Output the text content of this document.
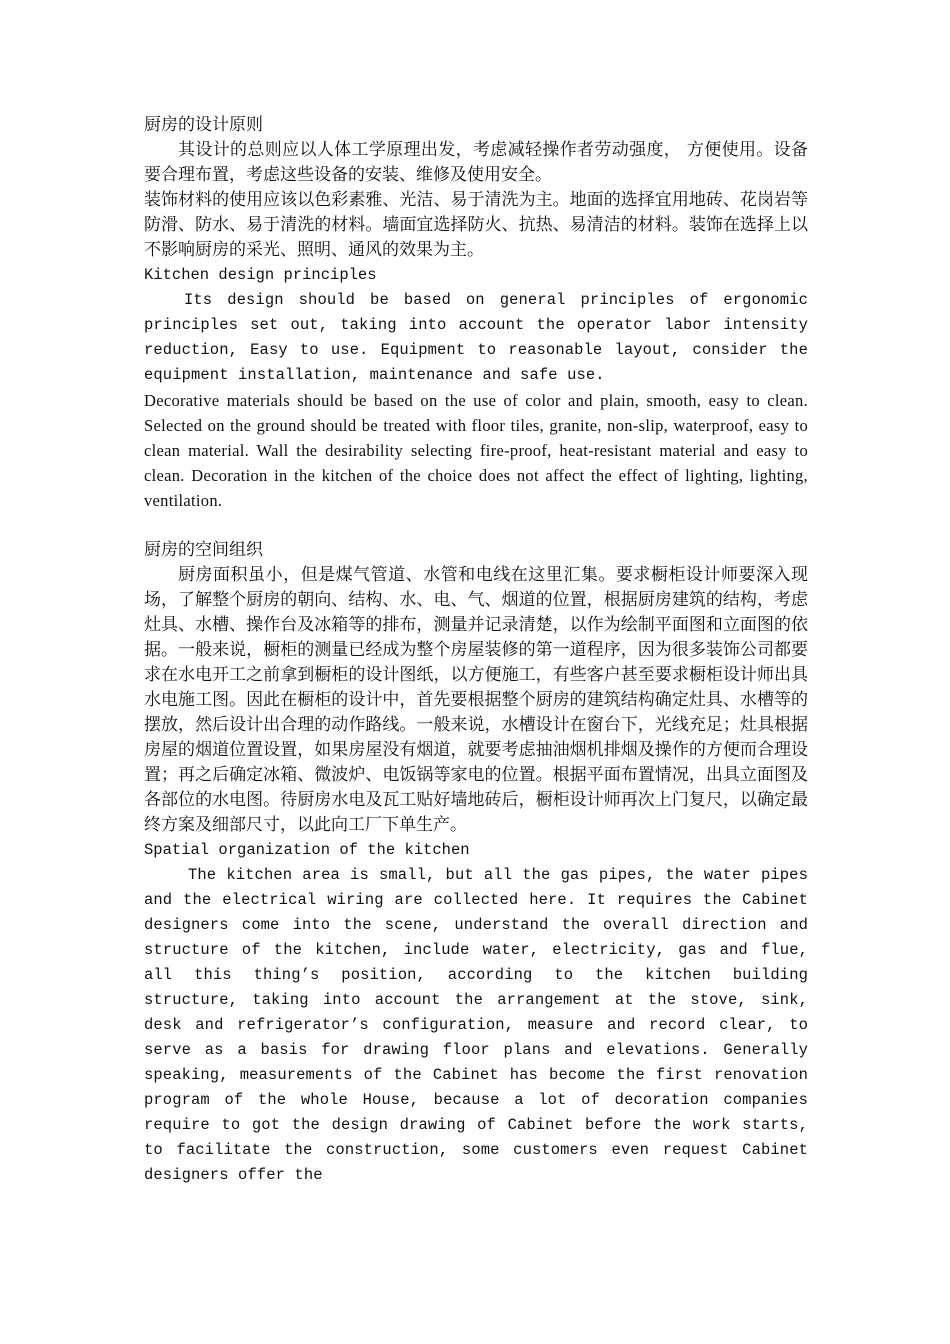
厨房的设计原则

其设计的总则应以人体工学原理出发，考虑减轻操作者劳动强度， 方便使用。设备要合理布置，考虑这些设备的安装、维修及使用安全。

装饰材料的使用应该以色彩素雅、光洁、易于清洗为主。地面的选择宜用地砖、花岗岩等防滑、防水、易于清洗的材料。墙面宜选择防火、抗热、易清洁的材料。装饰在选择上以不影响厨房的采光、照明、通风的效果为主。

Kitchen design principles

Its design should be based on general principles of ergonomic principles set out, taking into account the operator labor intensity reduction, Easy to use. Equipment to reasonable layout, consider the equipment installation, maintenance and safe use.

Decorative materials should be based on the use of color and plain, smooth, easy to clean. Selected on the ground should be treated with floor tiles, granite, non-slip, waterproof, easy to clean material. Wall the desirability selecting fire-proof, heat-resistant material and easy to clean. Decoration in the kitchen of the choice does not affect the effect of lighting, lighting, ventilation.

厨房的空间组织

厨房面积虽小，但是煤气管道、水管和电线在这里汇集。要求橱柜设计师要深入现场，了解整个厨房的朝向、结构、水、电、气、烟道的位置，根据厨房建筑的结构，考虑灶具、水槽、操作台及冰箱等的排布，测量并记录清楚，以作为绘制平面图和立面图的依据。一般来说，橱柜的测量已经成为整个房屋装修的第一道程序，因为很多装饰公司都要求在水电开工之前拿到橱柜的设计图纸，以方便施工，有些客户甚至要求橱柜设计师出具水电施工图。因此在橱柜的设计中，首先要根据整个厨房的建筑结构确定灶具、水槽等的摆放，然后设计出合理的动作路线。一般来说，水槽设计在窗台下，光线充足；灶具根据房屋的烟道位置设置，如果房屋没有烟道，就要考虑抽油烟机排烟及操作的方便而合理设置；再之后确定冰箱、微波炉、电饭锅等家电的位置。根据平面布置情况，出具立面图及各部位的水电图。待厨房水电及瓦工贴好墙地砖后，橱柜设计师再次上门复尺，以确定最终方案及细部尺寸，以此向工厂下单生产。

Spatial organization of the kitchen

The kitchen area is small, but all the gas pipes, the water pipes and the electrical wiring are collected here. It requires the Cabinet designers come into the scene, understand the overall direction and structure of the kitchen, include water, electricity, gas and flue, all this thing’s position, according to the kitchen building structure, taking into account the arrangement at the stove, sink, desk and refrigerator’s configuration, measure and record clear, to serve as a basis for drawing floor plans and elevations. Generally speaking, measurements of the Cabinet has become the first renovation program of the whole House, because a lot of decoration companies require to got the design drawing of Cabinet before the work starts, to facilitate the construction, some customers even request Cabinet designers offer the
